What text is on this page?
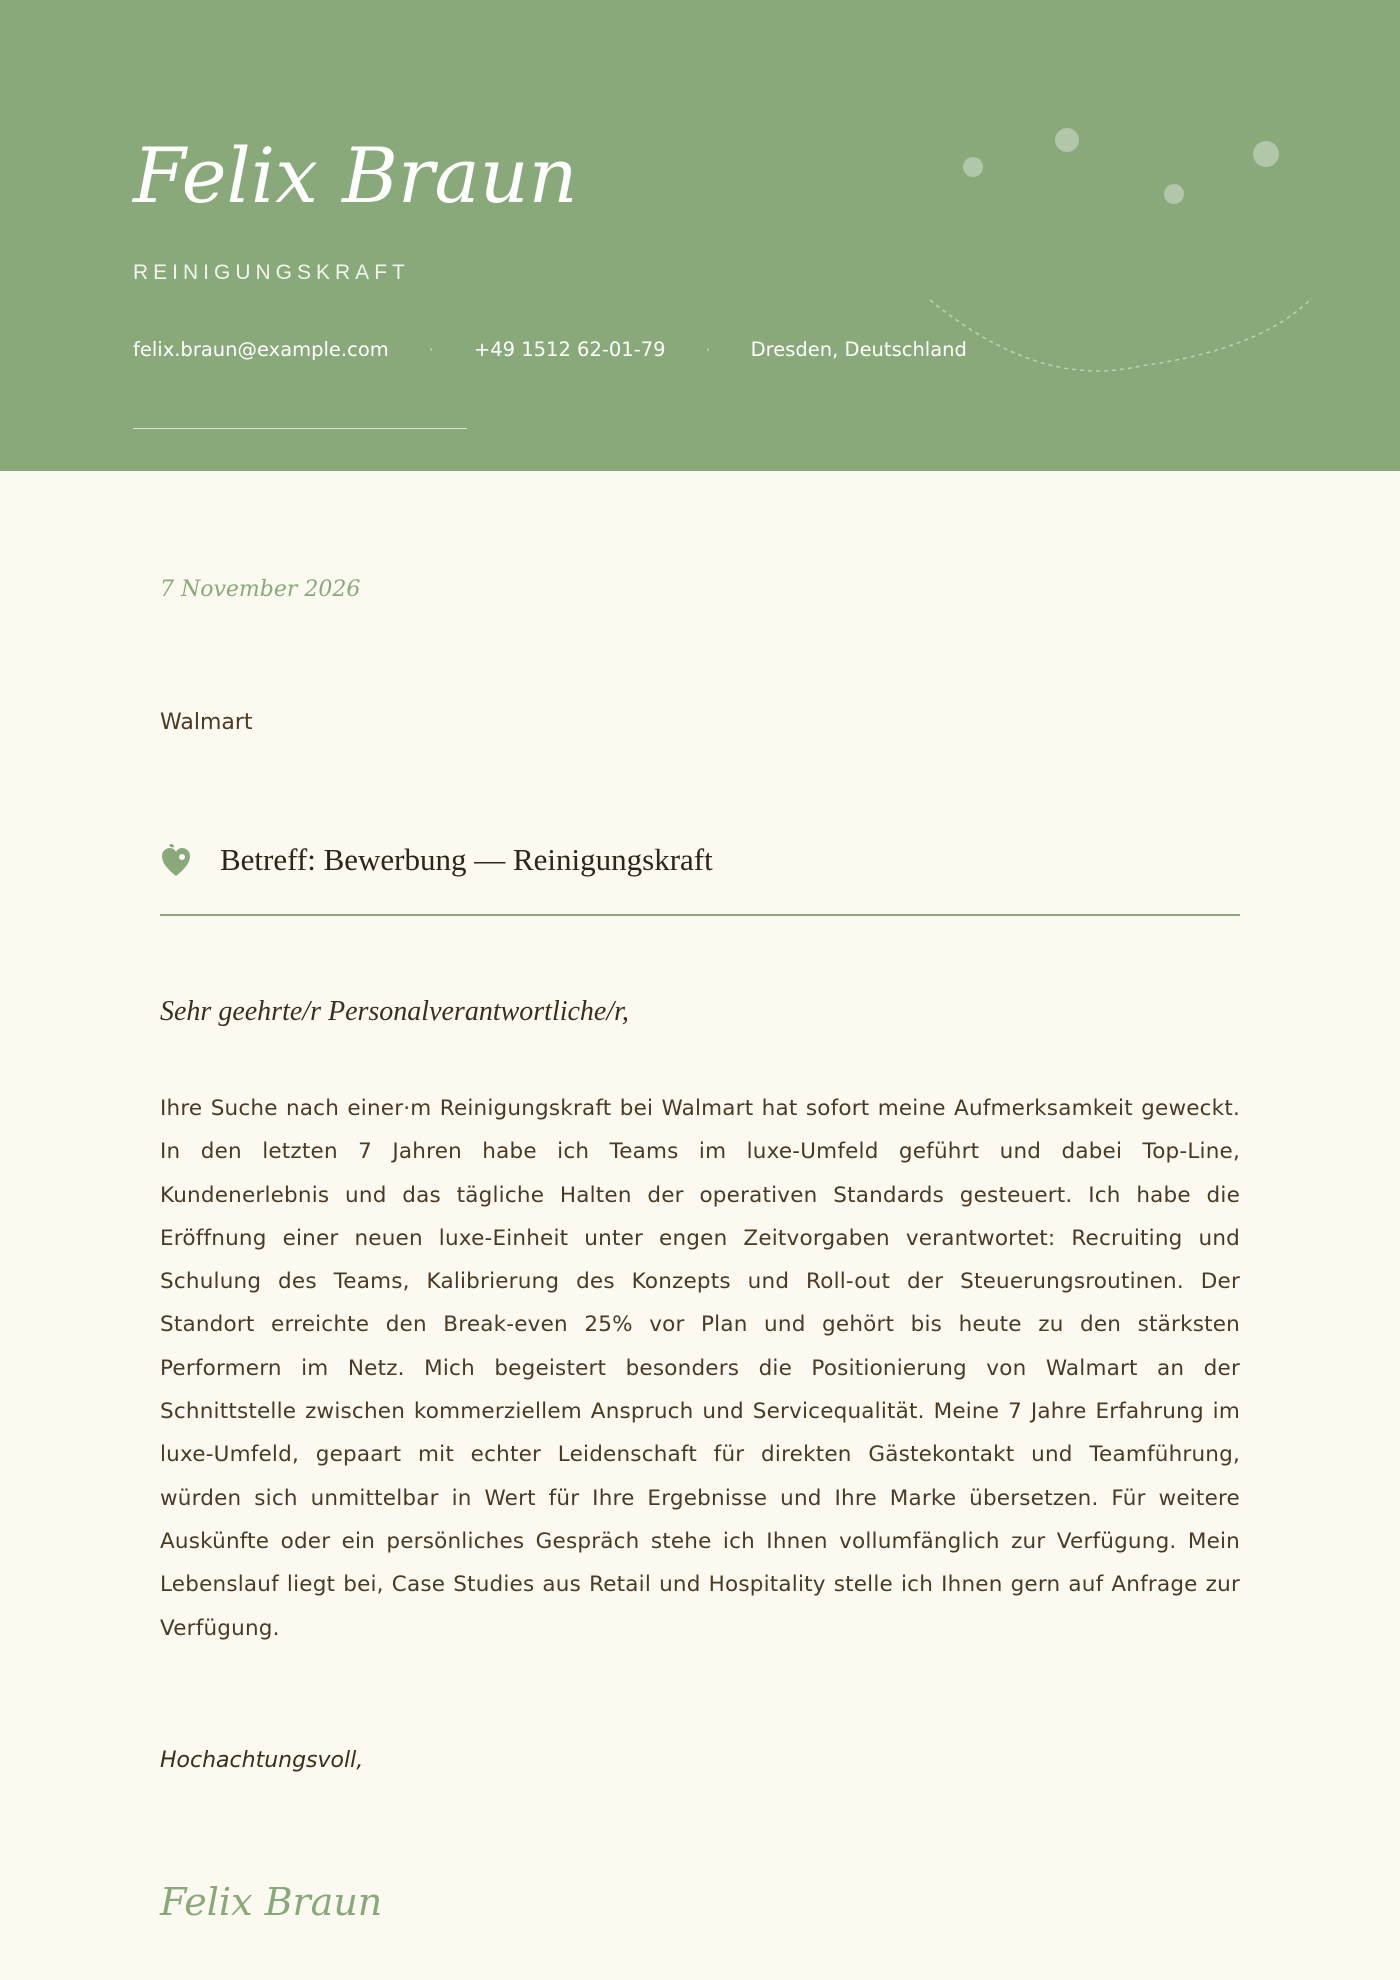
Felix Braun
REINIGUNGSKRAFT
felix.braun@example.com	· +49 1512 62-01-79	· Dresden, Deutschland
7 November 2026
Walmart
Betreff: Bewerbung — Reinigungskraft
Sehr geehrte/r Personalverantwortliche/r,

Ihre Suche nach einer·m Reinigungskraft bei Walmart hat sofort meine Aufmerksamkeit geweckt. In den letzten 7 Jahren habe ich Teams im luxe-Umfeld geführt und dabei Top-Line, Kundenerlebnis und das tägliche Halten der operativen Standards gesteuert. Ich habe die Eröffnung einer neuen luxe-Einheit unter engen Zeitvorgaben verantwortet: Recruiting und Schulung des Teams, Kalibrierung des Konzepts und Roll-out der Steuerungsroutinen. Der Standort erreichte den Break-even 25% vor Plan und gehört bis heute zu den stärksten Performern im Netz. Mich begeistert besonders die Positionierung von Walmart an der Schnittstelle zwischen kommerziellem Anspruch und Servicequalität. Meine 7 Jahre Erfahrung im luxe-Umfeld, gepaart mit echter Leidenschaft für direkten Gästekontakt und Teamführung, würden sich unmittelbar in Wert für Ihre Ergebnisse und Ihre Marke übersetzen. Für weitere Auskünfte oder ein persönliches Gespräch stehe ich Ihnen vollumfänglich zur Verfügung. Mein Lebenslauf liegt bei, Case Studies aus Retail und Hospitality stelle ich Ihnen gern auf Anfrage zur Verfügung.

Hochachtungsvoll,
Felix Braun
